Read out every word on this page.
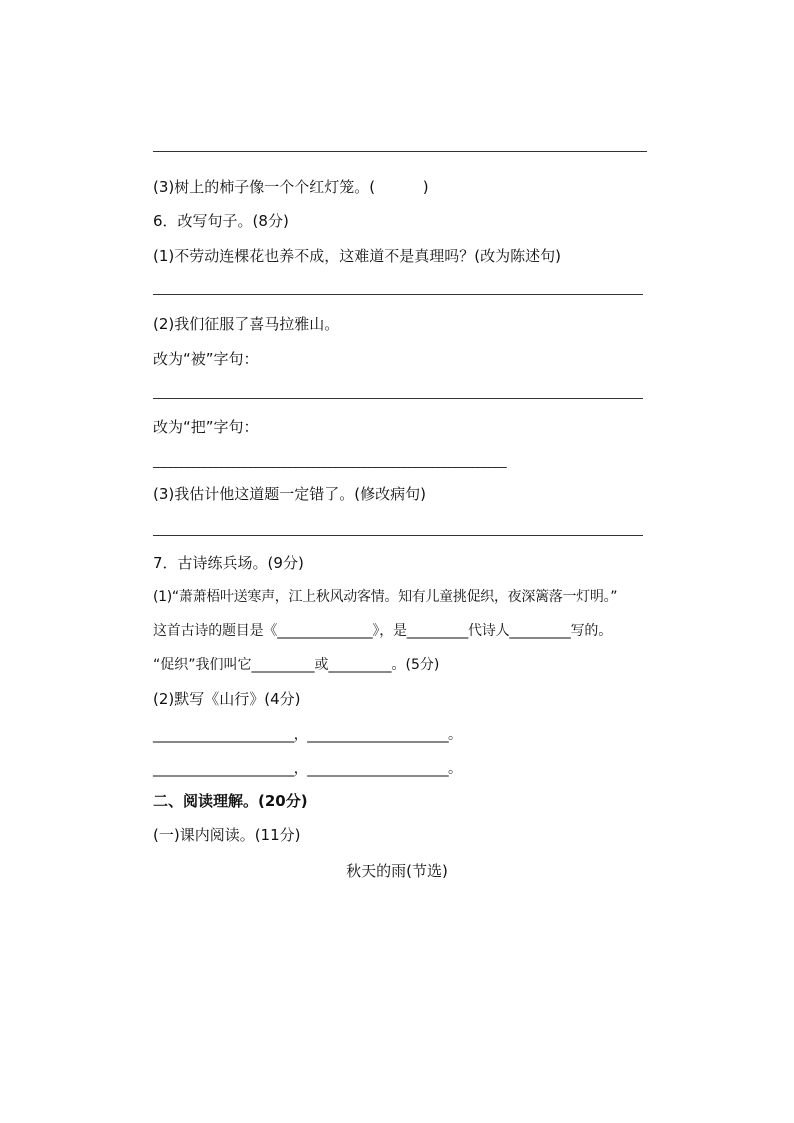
(3)树上的柿子像一个个红灯笼。(          )
6．改写句子。(8分)
(1)不劳动连棵花也养不成，这难道不是真理吗？(改为陈述句)
(2)我们征服了喜马拉雅山。
改为“被”字句：
改为“把”字句：
______________________________________________________________
(3)我估计他这道题一定错了。(修改病句)
7．古诗练兵场。(9分)
(1)“萧萧梧叶送寒声，江上秋风动客情。知有儿童挑促织，夜深篱落一灯明。”
这首古诗的题目是《______________》，是_________代诗人_________写的。
“促织”我们叫它_________或_________。(5分)
(2)默写《山行》(4分)
______________________，______________________。
______________________，______________________。
二、阅读理解。(20分)
(一)课内阅读。(11分)
秋天的雨(节选)
